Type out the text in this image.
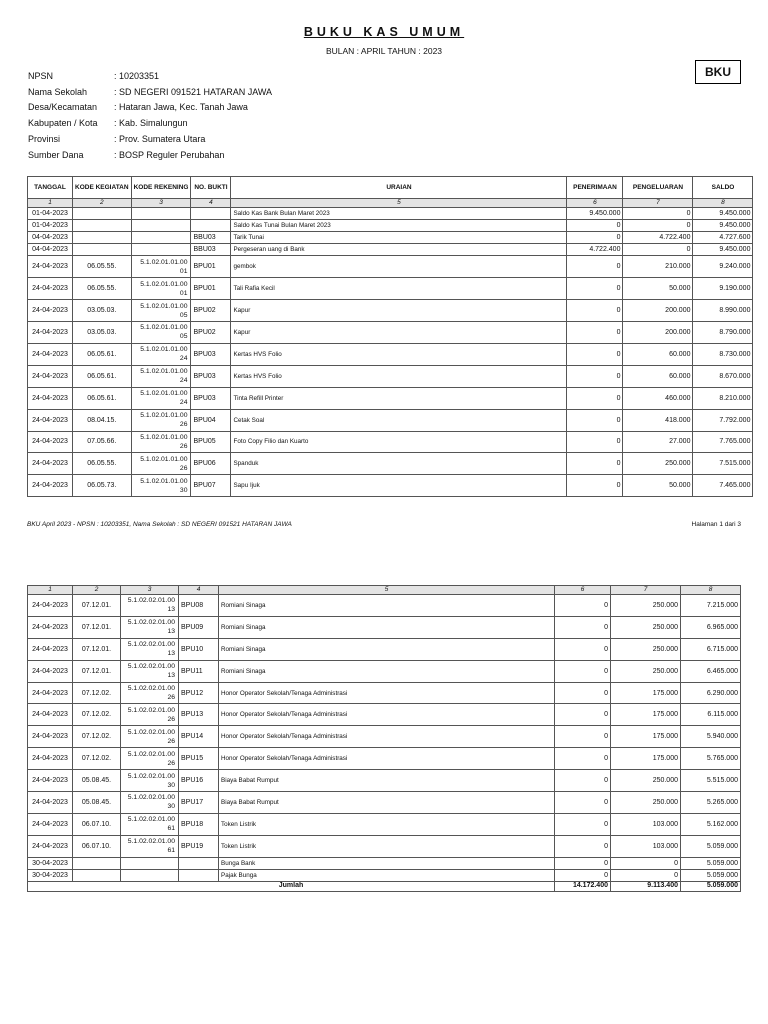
BUKU KAS UMUM
BULAN : APRIL TAHUN : 2023
BKU
NPSN	: 10203351
Nama Sekolah	: SD NEGERI 091521 HATARAN JAWA
Desa/Kecamatan	: Hataran Jawa, Kec. Tanah Jawa
Kabupaten / Kota	: Kab. Simalungun
Provinsi	: Prov. Sumatera Utara
Sumber Dana	: BOSP Reguler Perubahan
TANGGAL	KODE KEGIATAN	KODE REKENING	NO. BUKTI	URAIAN	PENERIMAAN	PENGELUARAN	SALDO
1	2	3	4	5	6	7	8
01-04-2023				Saldo Kas Bank Bulan Maret 2023	9.450.000	0	9.450.000
01-04-2023				Saldo Kas Tunai Bulan Maret 2023	0	0	9.450.000
04-04-2023			BBU03	Tarik Tunai	0	4.722.400	4.727.600
04-04-2023			BBU03	Pergeseran uang di Bank	4.722.400	0	9.450.000
24-04-2023	06.05.55.	5.1.02.01.01.00 01	BPU01	gembok	0	210.000	9.240.000
24-04-2023	06.05.55.	5.1.02.01.01.00 01	BPU01	Tali Rafia Kecil	0	50.000	9.190.000
24-04-2023	03.05.03.	5.1.02.01.01.00 05	BPU02	Kapur	0	200.000	8.990.000
24-04-2023	03.05.03.	5.1.02.01.01.00 05	BPU02	Kapur	0	200.000	8.790.000
24-04-2023	06.05.61.	5.1.02.01.01.00 24	BPU03	Kertas HVS Folio	0	60.000	8.730.000
24-04-2023	06.05.61.	5.1.02.01.01.00 24	BPU03	Kertas HVS Folio	0	60.000	8.670.000
24-04-2023	06.05.61.	5.1.02.01.01.00 24	BPU03	Tinta Refill Printer	0	460.000	8.210.000
24-04-2023	08.04.15.	5.1.02.01.01.00 26	BPU04	Cetak Soal	0	418.000	7.792.000
24-04-2023	07.05.66.	5.1.02.01.01.00 26	BPU05	Foto Copy Filio dan Kuarto	0	27.000	7.765.000
24-04-2023	06.05.55.	5.1.02.01.01.00 26	BPU06	Spanduk	0	250.000	7.515.000
24-04-2023	06.05.73.	5.1.02.01.01.00 30	BPU07	Sapu Ijuk	0	50.000	7.465.000
BKU April 2023 - NPSN : 10203351, Nama Sekolah : SD NEGERI 091521 HATARAN JAWA	Halaman 1 dari 3
1	2	3	4	5	6	7	8
24-04-2023	07.12.01.	5.1.02.02.01.00 13	BPU08	Romiani Sinaga	0	250.000	7.215.000
24-04-2023	07.12.01.	5.1.02.02.01.00 13	BPU09	Romiani Sinaga	0	250.000	6.965.000
24-04-2023	07.12.01.	5.1.02.02.01.00 13	BPU10	Romiani Sinaga	0	250.000	6.715.000
24-04-2023	07.12.01.	5.1.02.02.01.00 13	BPU11	Romiani Sinaga	0	250.000	6.465.000
24-04-2023	07.12.02.	5.1.02.02.01.00 26	BPU12	Honor Operator Sekolah/Tenaga Administrasi	0	175.000	6.290.000
24-04-2023	07.12.02.	5.1.02.02.01.00 26	BPU13	Honor Operator Sekolah/Tenaga Administrasi	0	175.000	6.115.000
24-04-2023	07.12.02.	5.1.02.02.01.00 26	BPU14	Honor Operator Sekolah/Tenaga Administrasi	0	175.000	5.940.000
24-04-2023	07.12.02.	5.1.02.02.01.00 26	BPU15	Honor Operator Sekolah/Tenaga Administrasi	0	175.000	5.765.000
24-04-2023	05.08.45.	5.1.02.02.01.00 30	BPU16	Biaya Babat Rumput	0	250.000	5.515.000
24-04-2023	05.08.45.	5.1.02.02.01.00 30	BPU17	Biaya Babat Rumput	0	250.000	5.265.000
24-04-2023	06.07.10.	5.1.02.02.01.00 61	BPU18	Token Listrik	0	103.000	5.162.000
24-04-2023	06.07.10.	5.1.02.02.01.00 61	BPU19	Token Listrik	0	103.000	5.059.000
30-04-2023				Bunga Bank	0	0	5.059.000
30-04-2023				Pajak Bunga	0	0	5.059.000
Jumlah					14.172.400	9.113.400	5.059.000
